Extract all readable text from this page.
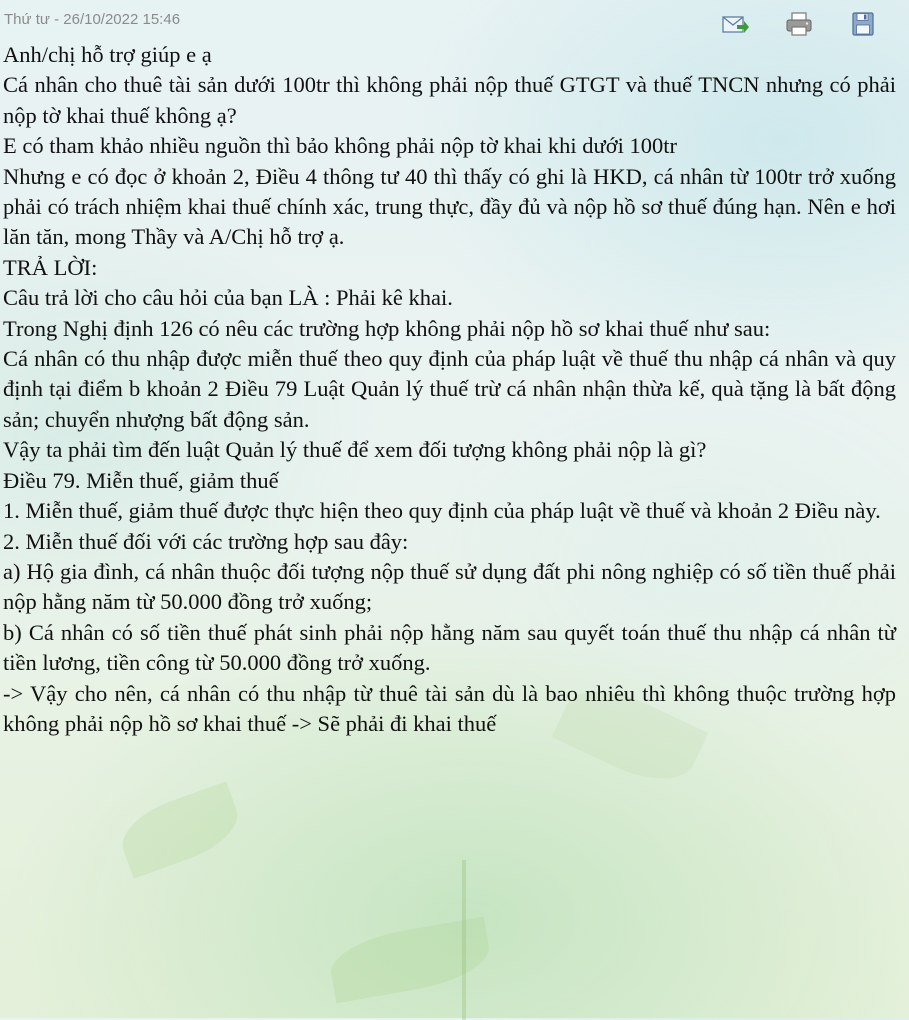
Thứ tư - 26/10/2022 15:46

Anh/chị hỗ trợ giúp e ạ

Cá nhân cho thuê tài sản dưới 100tr thì không phải nộp thuế GTGT và thuế TNCN nhưng có phải nộp tờ khai thuế không ạ?

E có tham khảo nhiều nguồn thì bảo không phải nộp tờ khai khi dưới 100tr

Nhưng e có đọc ở khoản 2, Điều 4 thông tư 40 thì thấy có ghi là HKD, cá nhân từ 100tr trở xuống phải có trách nhiệm khai thuế chính xác, trung thực, đầy đủ và nộp hồ sơ thuế đúng hạn. Nên e hơi lăn tăn, mong Thầy và A/Chị hỗ trợ ạ.

TRẢ LỜI:

Câu trả lời cho câu hỏi của bạn LÀ : Phải kê khai.

Trong Nghị định 126 có nêu các trường hợp không phải nộp hồ sơ khai thuế như sau:

Cá nhân có thu nhập được miễn thuế theo quy định của pháp luật về thuế thu nhập cá nhân và quy định tại điểm b khoản 2 Điều 79 Luật Quản lý thuế trừ cá nhân nhận thừa kế, quà tặng là bất động sản; chuyển nhượng bất động sản.

Vậy ta phải tìm đến luật Quản lý thuế để xem đối tượng không phải nộp là gì?

Điều 79. Miễn thuế, giảm thuế

1. Miễn thuế, giảm thuế được thực hiện theo quy định của pháp luật về thuế và khoản 2 Điều này.

2. Miễn thuế đối với các trường hợp sau đây:

a) Hộ gia đình, cá nhân thuộc đối tượng nộp thuế sử dụng đất phi nông nghiệp có số tiền thuế phải nộp hằng năm từ 50.000 đồng trở xuống;

b) Cá nhân có số tiền thuế phát sinh phải nộp hằng năm sau quyết toán thuế thu nhập cá nhân từ tiền lương, tiền công từ 50.000 đồng trở xuống.

-> Vậy cho nên, cá nhân có thu nhập từ thuê tài sản dù là bao nhiêu thì không thuộc trường hợp không phải nộp hồ sơ khai thuế -> Sẽ phải đi khai thuế
